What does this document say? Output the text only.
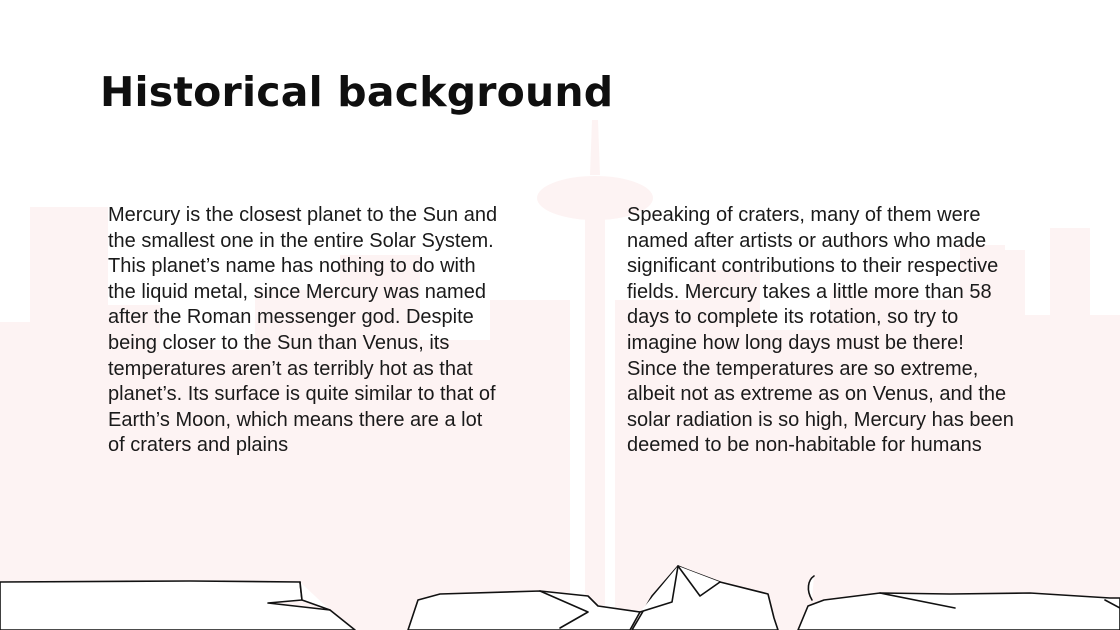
Historical background

Mercury is the closest planet to the Sun and the smallest one in the entire Solar System. This planet’s name has nothing to do with the liquid metal, since Mercury was named after the Roman messenger god. Despite being closer to the Sun than Venus, its temperatures aren’t as terribly hot as that planet’s. Its surface is quite similar to that of Earth’s Moon, which means there are a lot of craters and plains

Speaking of craters, many of them were named after artists or authors who made significant contributions to their respective fields. Mercury takes a little more than 58 days to complete its rotation, so try to imagine how long days must be there! Since the temperatures are so extreme, albeit not as extreme as on Venus, and the solar radiation is so high, Mercury has been deemed to be non-habitable for humans
